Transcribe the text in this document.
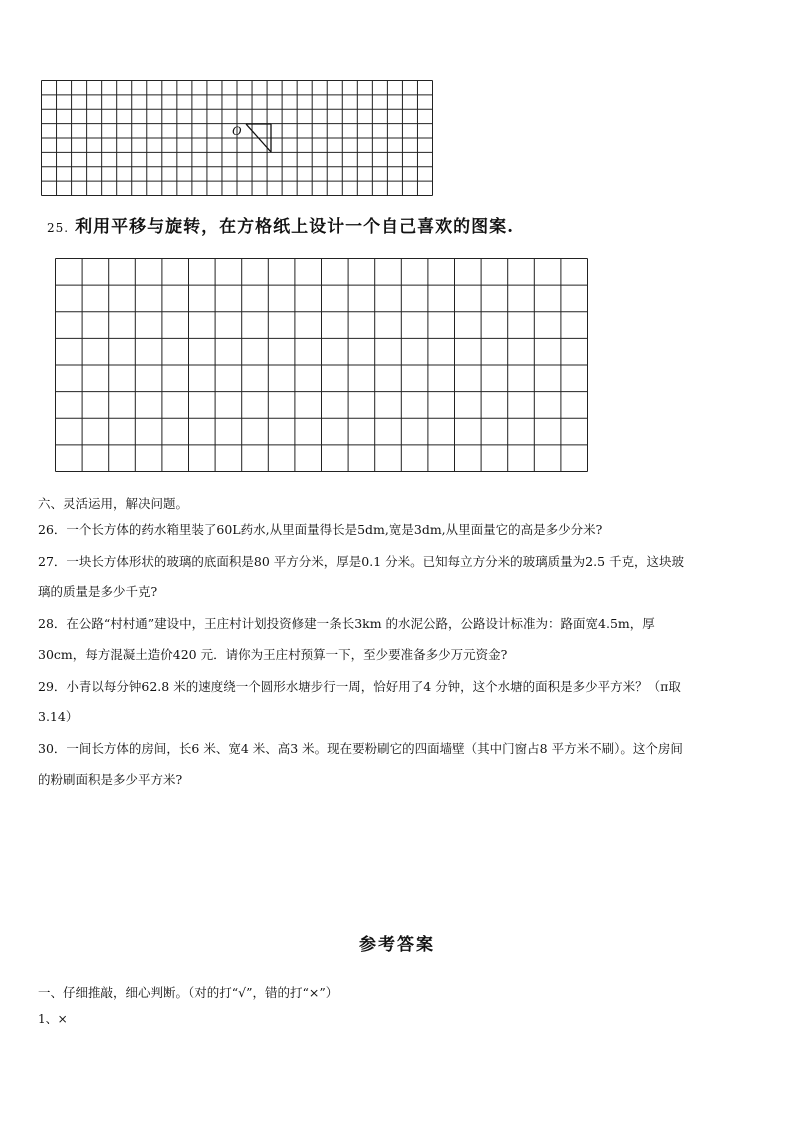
O
25. 利用平移与旋转，在方格纸上设计一个自己喜欢的图案.
六、灵活运用，解决问题。
26．一个长方体的药水箱里装了60L药水,从里面量得长是5dm,宽是3dm,从里面量它的高是多少分米?
27．一块长方体形状的玻璃的底面积是80 平方分米，厚是0.1 分米。已知每立方分米的玻璃质量为2.5 千克，这块玻
璃的质量是多少千克?
28．在公路“村村通”建设中，王庄村计划投资修建一条长3km 的水泥公路，公路设计标准为：路面宽4.5m，厚
30cm，每方混凝土造价420 元．请你为王庄村预算一下，至少要准备多少万元资金?
29．小青以每分钟62.8 米的速度绕一个圆形水塘步行一周，恰好用了4 分钟，这个水塘的面积是多少平方米？（π取
3.14）
30．一间长方体的房间，长6 米、宽4 米、高3 米。现在要粉刷它的四面墙壁（其中门窗占8 平方米不刷）。这个房间
的粉刷面积是多少平方米?
参考答案
一、仔细推敲，细心判断。（对的打“√”，错的打“×”）
1、×
